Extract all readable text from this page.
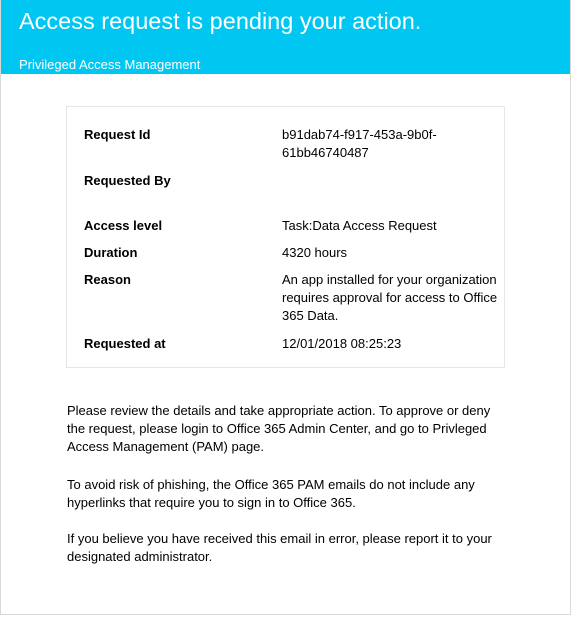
Access request is pending your action.
Privileged Access Management
Request Id	b91dab74-f917-453a-9b0f-61bb46740487
Requested By
Access level	Task:Data Access Request
Duration	4320 hours
Reason	An app installed for your organization requires approval for access to Office 365 Data.
Requested at	12/01/2018 08:25:23

Please review the details and take appropriate action. To approve or deny the request, please login to Office 365 Admin Center, and go to Privleged Access Management (PAM) page.

To avoid risk of phishing, the Office 365 PAM emails do not include any hyperlinks that require you to sign in to Office 365.

If you believe you have received this email in error, please report it to your designated administrator.
